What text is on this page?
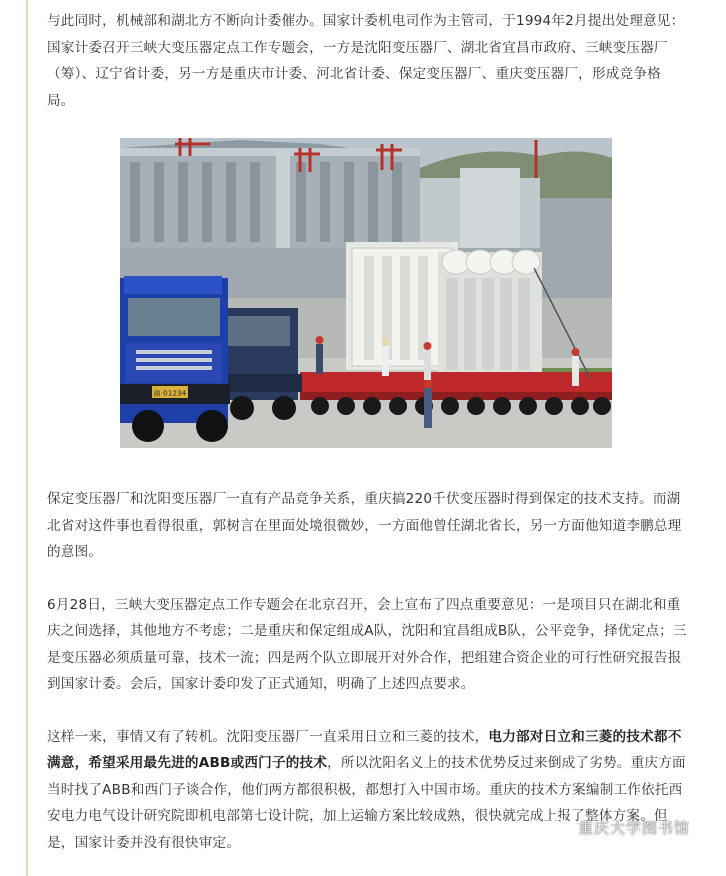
与此同时，机械部和湖北方不断向计委催办。国家计委机电司作为主管司，于1994年2月提出处理意见：国家计委召开三峡大变压器定点工作专题会，一方是沈阳变压器厂、湖北省宜昌市政府、三峡变压器厂（筹）、辽宁省计委，另一方是重庆市计委、河北省计委、保定变压器厂、重庆变压器厂，形成竞争格局。

渝·01234

保定变压器厂和沈阳变压器厂一直有产品竞争关系，重庆搞220千伏变压器时得到保定的技术支持。而湖北省对这件事也看得很重，郭树言在里面处境很微妙，一方面他曾任湖北省长，另一方面他知道李鹏总理的意图。

6月28日，三峡大变压器定点工作专题会在北京召开，会上宣布了四点重要意见：一是项目只在湖北和重庆之间选择，其他地方不考虑；二是重庆和保定组成A队，沈阳和宜昌组成B队，公平竞争，择优定点；三是变压器必须质量可靠，技术一流；四是两个队立即展开对外合作，把组建合资企业的可行性研究报告报到国家计委。会后，国家计委印发了正式通知，明确了上述四点要求。

这样一来，事情又有了转机。沈阳变压器厂一直采用日立和三菱的技术，电力部对日立和三菱的技术都不满意，希望采用最先进的ABB或西门子的技术，所以沈阳名义上的技术优势反过来倒成了劣势。重庆方面当时找了ABB和西门子谈合作，他们两方都很积极，都想打入中国市场。重庆的技术方案编制工作依托西安电力电气设计研究院即机电部第七设计院，加上运输方案比较成熟，很快就完成上报了整体方案。但是，国家计委并没有很快审定。

重庆大学图书馆
